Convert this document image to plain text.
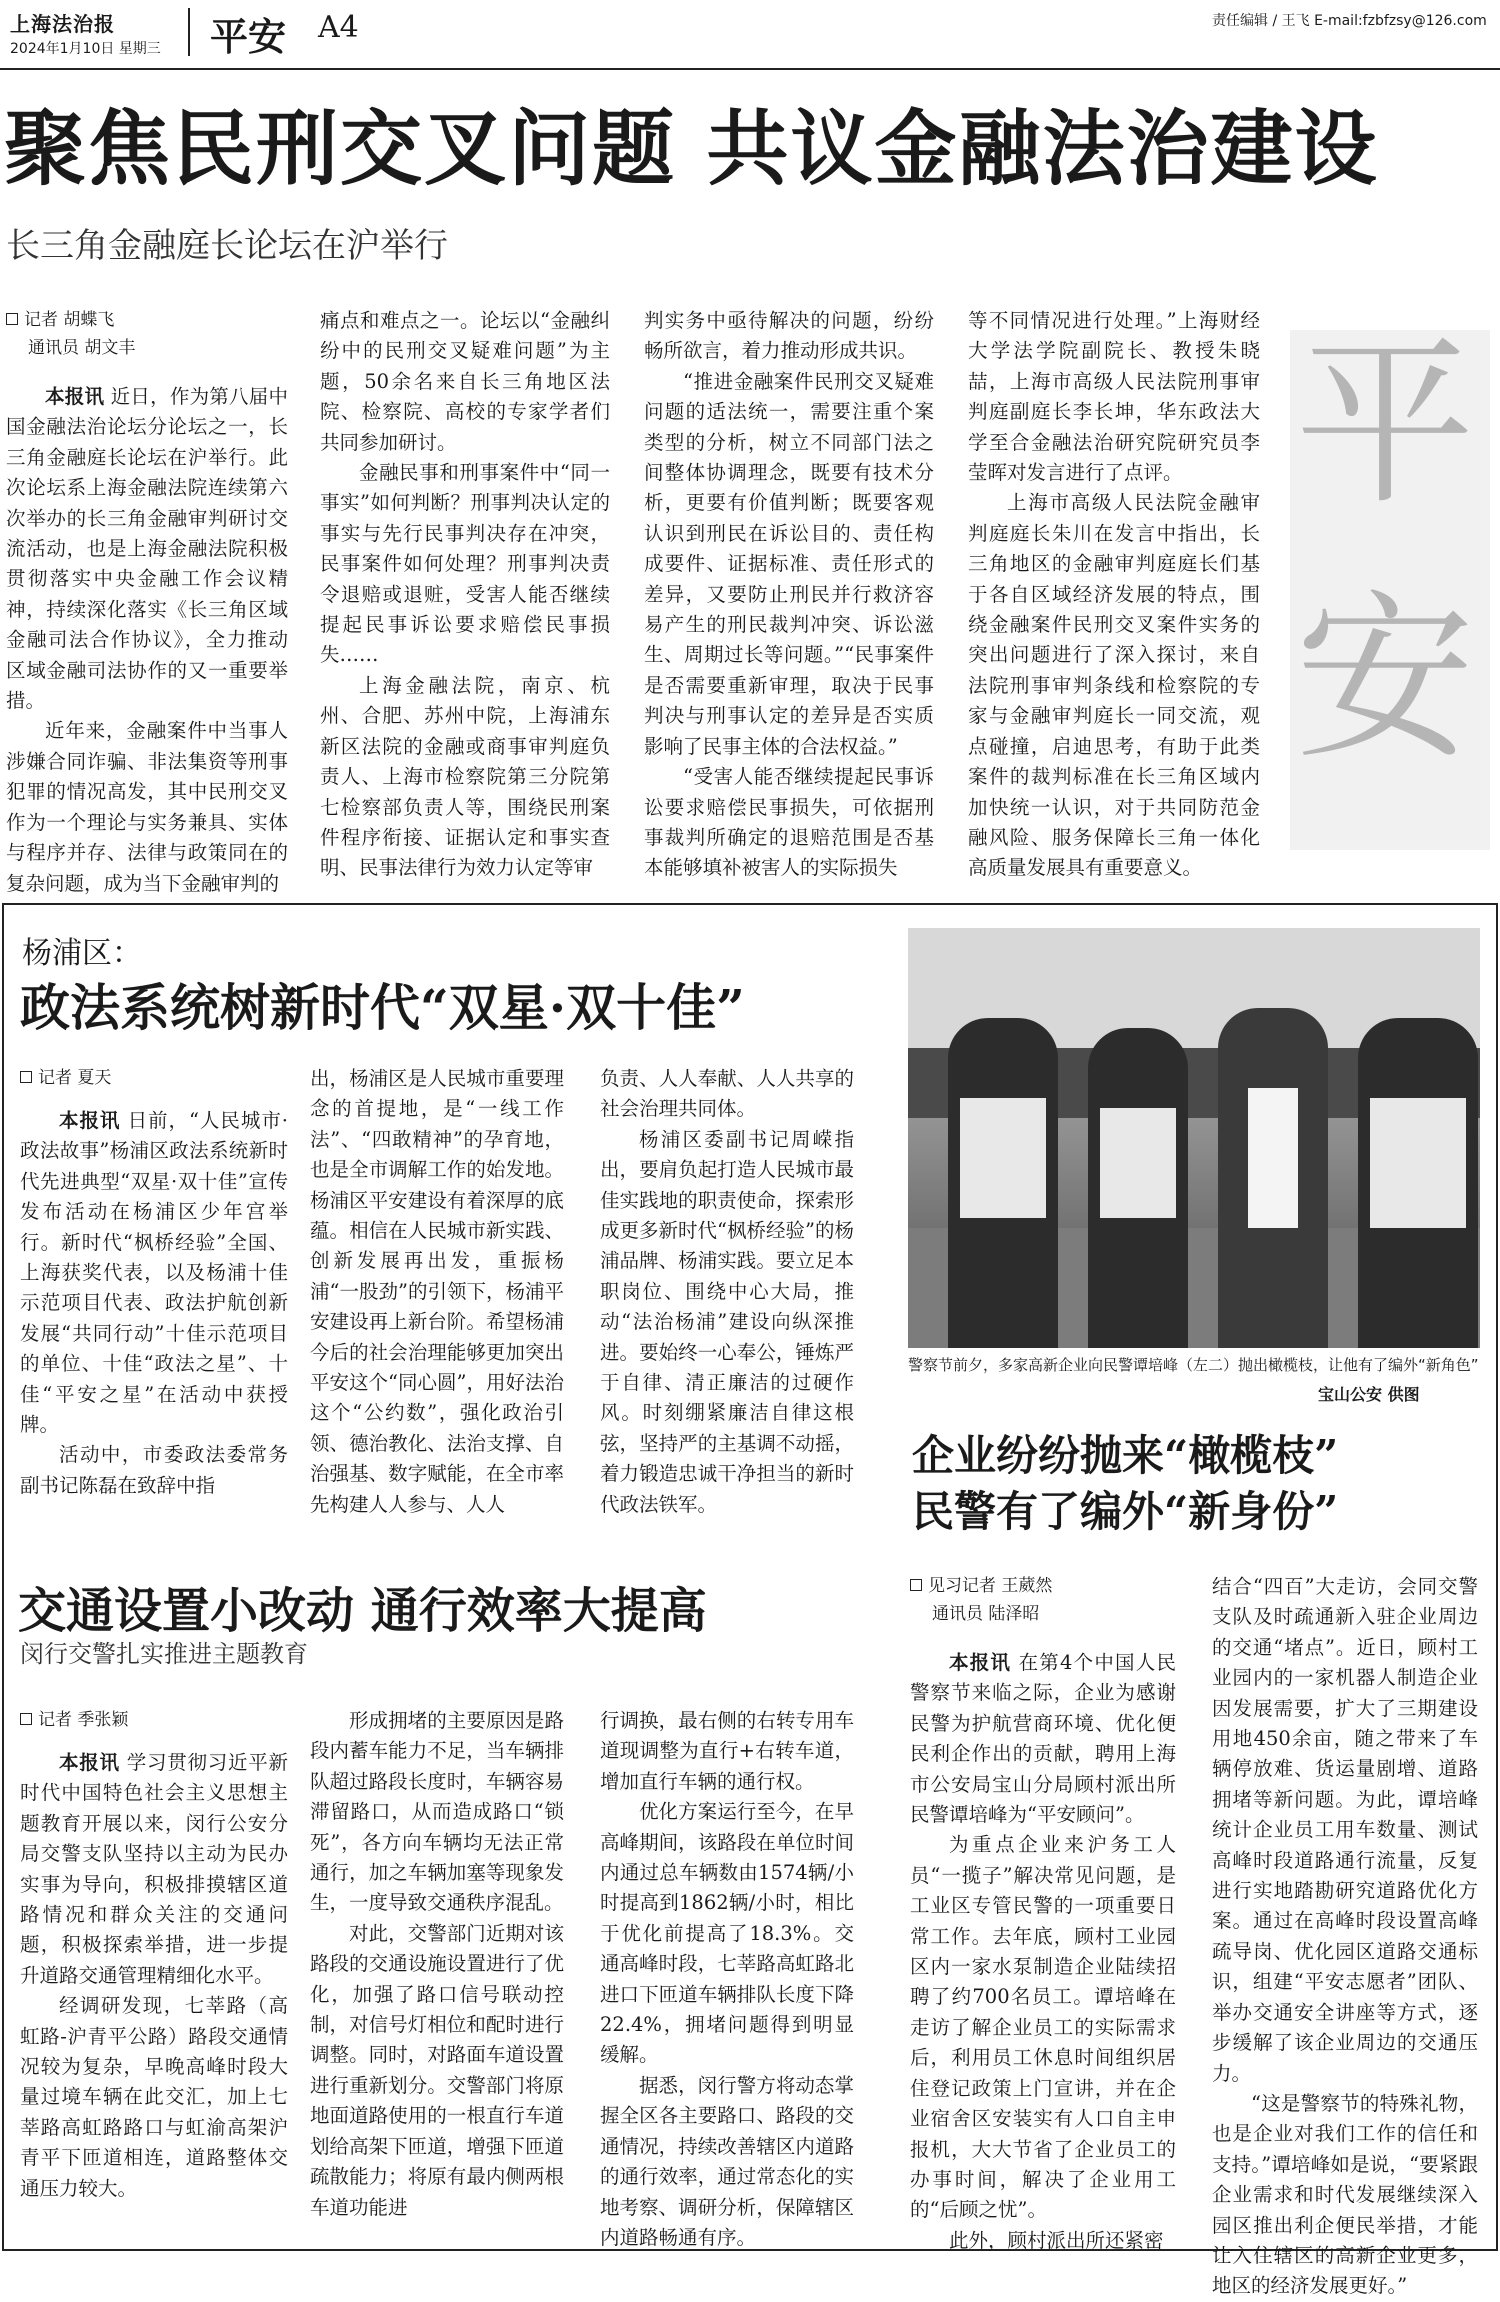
上海法治报
2024年1月10日 星期三 平安 A4	责任编辑 / 王飞 E-mail:fzbfzsy@126.com
聚焦民刑交叉问题 共议金融法治建设
长三角金融庭长论坛在沪举行
记者 胡蝶飞
通讯员 胡文丰

本报讯 近日，作为第八届中国金融法治论坛分论坛之一，长三角金融庭长论坛在沪举行。此次论坛系上海金融法院连续第六次举办的长三角金融审判研讨交流活动，也是上海金融法院积极贯彻落实中央金融工作会议精神，持续深化落实《长三角区域金融司法合作协议》，全力推动区域金融司法协作的又一重要举措。

近年来，金融案件中当事人涉嫌合同诈骗、非法集资等刑事犯罪的情况高发，其中民刑交叉作为一个理论与实务兼具、实体与程序并存、法律与政策同在的复杂问题，成为当下金融审判的

痛点和难点之一。论坛以“金融纠纷中的民刑交叉疑难问题”为主题，50余名来自长三角地区法院、检察院、高校的专家学者们共同参加研讨。

金融民事和刑事案件中“同一事实”如何判断？刑事判决认定的事实与先行民事判决存在冲突，民事案件如何处理？刑事判决责令退赔或退赃，受害人能否继续提起民事诉讼要求赔偿民事损失……

上海金融法院，南京、杭州、合肥、苏州中院，上海浦东新区法院的金融或商事审判庭负责人、上海市检察院第三分院第七检察部负责人等，围绕民刑案件程序衔接、证据认定和事实查明、民事法律行为效力认定等审

判实务中亟待解决的问题，纷纷畅所欲言，着力推动形成共识。

“推进金融案件民刑交叉疑难问题的适法统一，需要注重个案类型的分析，树立不同部门法之间整体协调理念，既要有技术分析，更要有价值判断；既要客观认识到刑民在诉讼目的、责任构成要件、证据标准、责任形式的差异，又要防止刑民并行救济容易产生的刑民裁判冲突、诉讼滋生、周期过长等问题。”“民事案件是否需要重新审理，取决于民事判决与刑事认定的差异是否实质影响了民事主体的合法权益。”

“受害人能否继续提起民事诉讼要求赔偿民事损失，可依据刑事裁判所确定的退赔范围是否基本能够填补被害人的实际损失

等不同情况进行处理。”上海财经大学法学院副院长、教授朱晓喆，上海市高级人民法院刑事审判庭副庭长李长坤，华东政法大学至合金融法治研究院研究员李莹晖对发言进行了点评。

上海市高级人民法院金融审判庭庭长朱川在发言中指出，长三角地区的金融审判庭庭长们基于各自区域经济发展的特点，围绕金融案件民刑交叉案件实务的突出问题进行了深入探讨，来自法院刑事审判条线和检察院的专家与金融审判庭长一同交流，观点碰撞，启迪思考，有助于此类案件的裁判标准在长三角区域内加快统一认识，对于共同防范金融风险、服务保障长三角一体化高质量发展具有重要意义。

平
安
杨浦区：
政法系统树新时代“双星·双十佳”
记者 夏天

本报讯 日前，“人民城市·政法故事”杨浦区政法系统新时代先进典型“双星·双十佳”宣传发布活动在杨浦区少年宫举行。新时代“枫桥经验”全国、上海获奖代表，以及杨浦十佳示范项目代表、政法护航创新发展“共同行动”十佳示范项目的单位、十佳“政法之星”、十佳“平安之星”在活动中获授牌。

活动中，市委政法委常务副书记陈磊在致辞中指

出，杨浦区是人民城市重要理念的首提地，是“一线工作法”、“四敢精神”的孕育地，也是全市调解工作的始发地。杨浦区平安建设有着深厚的底蕴。相信在人民城市新实践、创新发展再出发，重振杨浦“一股劲”的引领下，杨浦平安建设再上新台阶。希望杨浦今后的社会治理能够更加突出平安这个“同心圆”，用好法治这个“公约数”，强化政治引领、德治教化、法治支撑、自治强基、数字赋能，在全市率先构建人人参与、人人

负责、人人奉献、人人共享的社会治理共同体。

杨浦区委副书记周嵘指出，要肩负起打造人民城市最佳实践地的职责使命，探索形成更多新时代“枫桥经验”的杨浦品牌、杨浦实践。要立足本职岗位、围绕中心大局，推动“法治杨浦”建设向纵深推进。要始终一心奉公，锤炼严于自律、清正廉洁的过硬作风。时刻绷紧廉洁自律这根弦，坚持严的主基调不动摇，着力锻造忠诚干净担当的新时代政法铁军。

警察节前夕，多家高新企业向民警谭培峰（左二）抛出橄榄枝，让他有了编外“新角色”
宝山公安 供图
企业纷纷抛来“橄榄枝”
民警有了编外“新身份”
见习记者 王葳然
通讯员 陆泽昭

本报讯 在第4个中国人民警察节来临之际，企业为感谢民警为护航营商环境、优化便民利企作出的贡献，聘用上海市公安局宝山分局顾村派出所民警谭培峰为“平安顾问”。

为重点企业来沪务工人员“一揽子”解决常见问题，是工业区专管民警的一项重要日常工作。去年底，顾村工业园区内一家水泵制造企业陆续招聘了约700名员工。谭培峰在走访了解企业员工的实际需求后，利用员工休息时间组织居住登记政策上门宣讲，并在企业宿舍区安装实有人口自主申报机，大大节省了企业员工的办事时间，解决了企业用工的“后顾之忧”。

此外，顾村派出所还紧密

结合“四百”大走访，会同交警支队及时疏通新入驻企业周边的交通“堵点”。近日，顾村工业园内的一家机器人制造企业因发展需要，扩大了三期建设用地450余亩，随之带来了车辆停放难、货运量剧增、道路拥堵等新问题。为此，谭培峰统计企业员工用车数量、测试高峰时段道路通行流量，反复进行实地踏勘研究道路优化方案。通过在高峰时段设置高峰疏导岗、优化园区道路交通标识，组建“平安志愿者”团队、举办交通安全讲座等方式，逐步缓解了该企业周边的交通压力。

“这是警察节的特殊礼物，也是企业对我们工作的信任和支持。”谭培峰如是说，“要紧跟企业需求和时代发展继续深入园区推出利企便民举措，才能让入住辖区的高新企业更多，地区的经济发展更好。”

交通设置小改动 通行效率大提高
闵行交警扎实推进主题教育
记者 季张颖

本报讯 学习贯彻习近平新时代中国特色社会主义思想主题教育开展以来，闵行公安分局交警支队坚持以主动为民办实事为导向，积极排摸辖区道路情况和群众关注的交通问题，积极探索举措，进一步提升道路交通管理精细化水平。

经调研发现，七莘路（高虹路-沪青平公路）路段交通情况较为复杂，早晚高峰时段大量过境车辆在此交汇，加上七莘路高虹路路口与虹渝高架沪青平下匝道相连，道路整体交通压力较大。

形成拥堵的主要原因是路段内蓄车能力不足，当车辆排队超过路段长度时，车辆容易滞留路口，从而造成路口“锁死”，各方向车辆均无法正常通行，加之车辆加塞等现象发生，一度导致交通秩序混乱。

对此，交警部门近期对该路段的交通设施设置进行了优化，加强了路口信号联动控制，对信号灯相位和配时进行调整。同时，对路面车道设置进行重新划分。交警部门将原地面道路使用的一根直行车道划给高架下匝道，增强下匝道疏散能力；将原有最内侧两根车道功能进

行调换，最右侧的右转专用车道现调整为直行+右转车道，增加直行车辆的通行权。

优化方案运行至今，在早高峰期间，该路段在单位时间内通过总车辆数由1574辆/小时提高到1862辆/小时，相比于优化前提高了18.3%。交通高峰时段，七莘路高虹路北进口下匝道车辆排队长度下降22.4%，拥堵问题得到明显缓解。

据悉，闵行警方将动态掌握全区各主要路口、路段的交通情况，持续改善辖区内道路的通行效率，通过常态化的实地考察、调研分析，保障辖区内道路畅通有序。
